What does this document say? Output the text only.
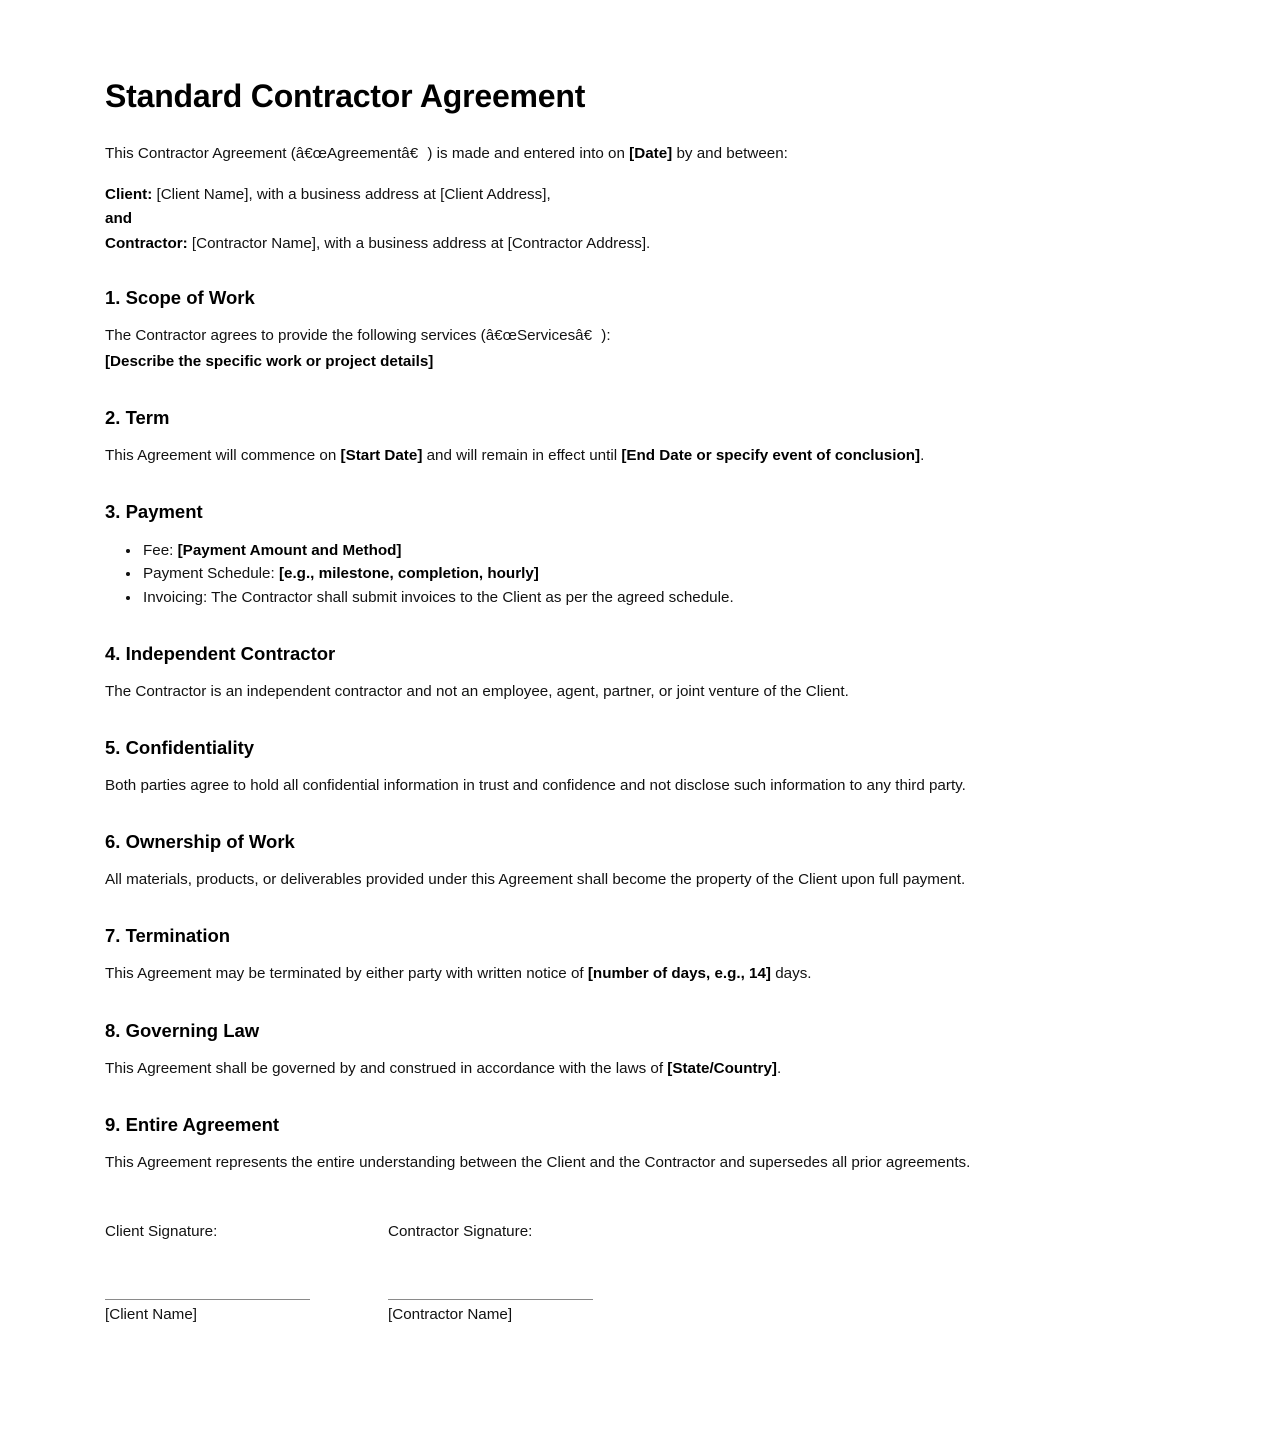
Standard Contractor Agreement

This Contractor Agreement (â€œAgreementâ€) is made and entered into on [Date] by and between:

Client: [Client Name], with a business address at [Client Address],
and
Contractor: [Contractor Name], with a business address at [Contractor Address].
1. Scope of Work

The Contractor agrees to provide the following services (â€œServicesâ€):

[Describe the specific work or project details]

2. Term

This Agreement will commence on [Start Date] and will remain in effect until [End Date or specify event of conclusion].

3. Payment
• Fee: [Payment Amount and Method]
• Payment Schedule: [e.g., milestone, completion, hourly]
• Invoicing: The Contractor shall submit invoices to the Client as per the agreed schedule.
4. Independent Contractor

The Contractor is an independent contractor and not an employee, agent, partner, or joint venture of the Client.

5. Confidentiality

Both parties agree to hold all confidential information in trust and confidence and not disclose such information to any third party.

6. Ownership of Work

All materials, products, or deliverables provided under this Agreement shall become the property of the Client upon full payment.

7. Termination

This Agreement may be terminated by either party with written notice of [number of days, e.g., 14] days.

8. Governing Law

This Agreement shall be governed by and construed in accordance with the laws of [State/Country].

9. Entire Agreement

This Agreement represents the entire understanding between the Client and the Contractor and supersedes all prior agreements.

Client Signature:
[Client Name]
Contractor Signature:
[Contractor Name]
